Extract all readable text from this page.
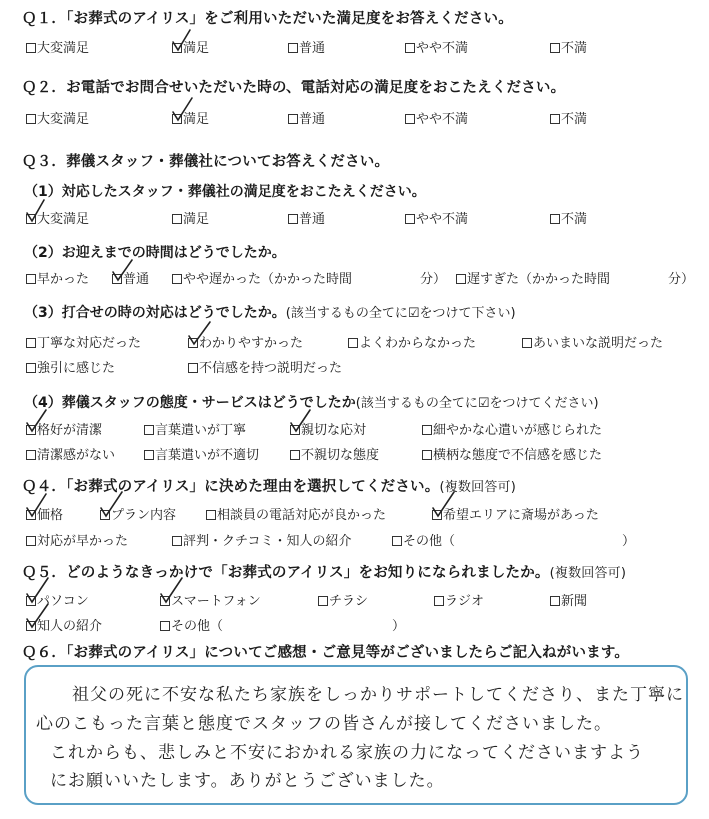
Ｑ１．「お葬式のアイリス」をご利用いただいた満足度をお答えください。
大変満足	満足	普通	やや不満	不満
Ｑ２．お電話でお問合せいただいた時の、電話対応の満足度をおこたえください。
大変満足	満足	普通	やや不満	不満
Ｑ３．葬儀スタッフ・葬儀社についてお答えください。
（1）対応したスタッフ・葬儀社の満足度をおこたえください。
大変満足	満足	普通	やや不満	不満
（2）お迎えまでの時間はどうでしたか。
早かった	普通	やや遅かった（かかった時間	分）	遅すぎた（かかった時間	分）
（3）打合せの時の対応はどうでしたか。(該当するもの全てに☑をつけて下さい)
丁寧な対応だった	わかりやすかった	よくわからなかった	あいまいな説明だった
強引に感じた	不信感を持つ説明だった
（4）葬儀スタッフの態度・サービスはどうでしたか(該当するもの全てに☑をつけてください)
格好が清潔	言葉遣いが丁寧	親切な応対	細やかな心遣いが感じられた
清潔感がない	言葉遣いが不適切	不親切な態度	横柄な態度で不信感を感じた
Ｑ４．「お葬式のアイリス」に決めた理由を選択してください。(複数回答可)
価格	プラン内容	相談員の電話対応が良かった	希望エリアに斎場があった
対応が早かった	評判・クチコミ・知人の紹介	その他（	）
Ｑ５．どのようなきっかけで「お葬式のアイリス」をお知りになられましたか。(複数回答可)
パソコン	スマートフォン	チラシ	ラジオ	新聞
知人の紹介	その他（	）
Ｑ６．「お葬式のアイリス」についてご感想・ご意見等がございましたらご記入ねがいます。
祖父の死に不安な私たち家族をしっかりサポートしてくださり、また丁寧に
心のこもった言葉と態度でスタッフの皆さんが接してくださいました。
これからも、悲しみと不安におかれる家族の力になってくださいますよう
にお願いいたします。ありがとうございました。
